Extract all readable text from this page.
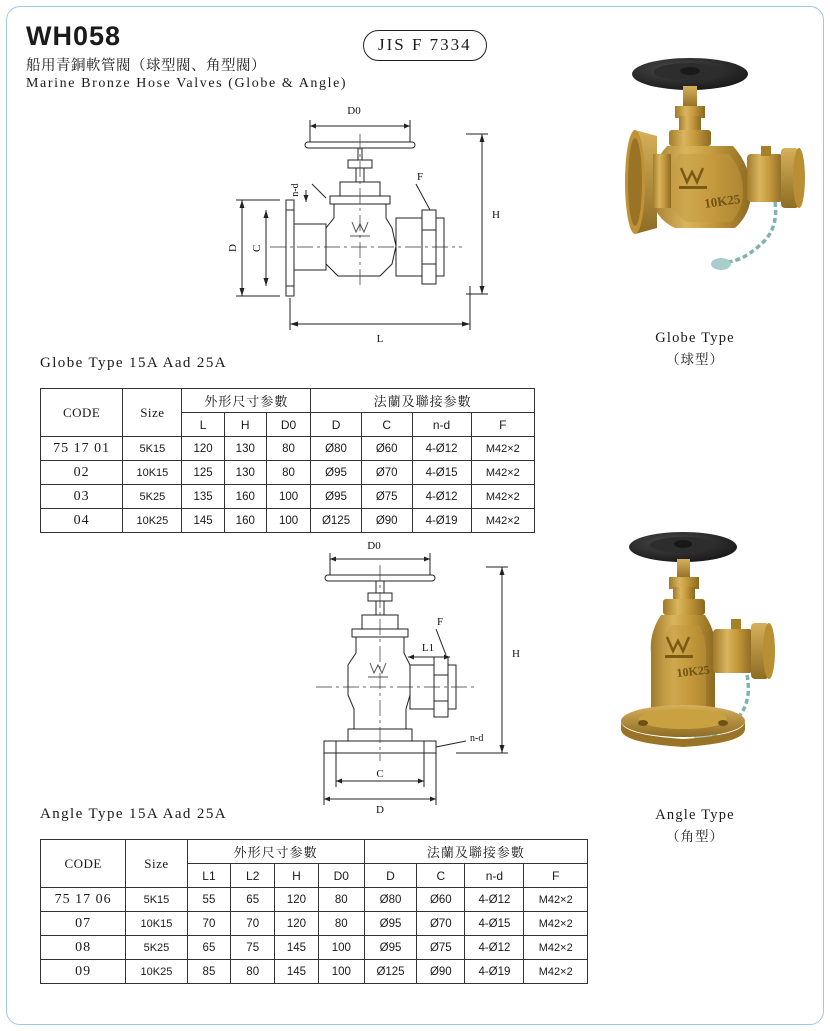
WH058
船用青銅軟管閥（球型閥、角型閥）
Marine Bronze Hose Valves (Globe & Angle)
JIS F 7334
D0
n-d
F
H
D C
L
10K25
Globe Type
（球型）
Globe Type 15A Aad 25A
CODE	Size	外形尺寸参數			法蘭及聯接参數			
		L	H	D0	D	C	n-d	F
75 17 01	5K15	120	130	80	Ø80	Ø60	4-Ø12	M42×2
02	10K15	125	130	80	Ø95	Ø70	4-Ø15	M42×2
03	5K25	135	160	100	Ø95	Ø75	4-Ø12	M42×2
04	10K25	145	160	100	Ø125	Ø90	4-Ø19	M42×2
D0
F
L1	H
n-d
C
D
10K25
Angle Type
（角型）
Angle Type 15A Aad 25A
CODE	Size	外形尺寸参數				法蘭及聯接参數			
		L1	L2	H	D0	D	C	n-d	F
75 17 06	5K15	55	65	120	80	Ø80	Ø60	4-Ø12	M42×2
07	10K15	70	70	120	80	Ø95	Ø70	4-Ø15	M42×2
08	5K25	65	75	145	100	Ø95	Ø75	4-Ø12	M42×2
09	10K25	85	80	145	100	Ø125	Ø90	4-Ø19	M42×2
